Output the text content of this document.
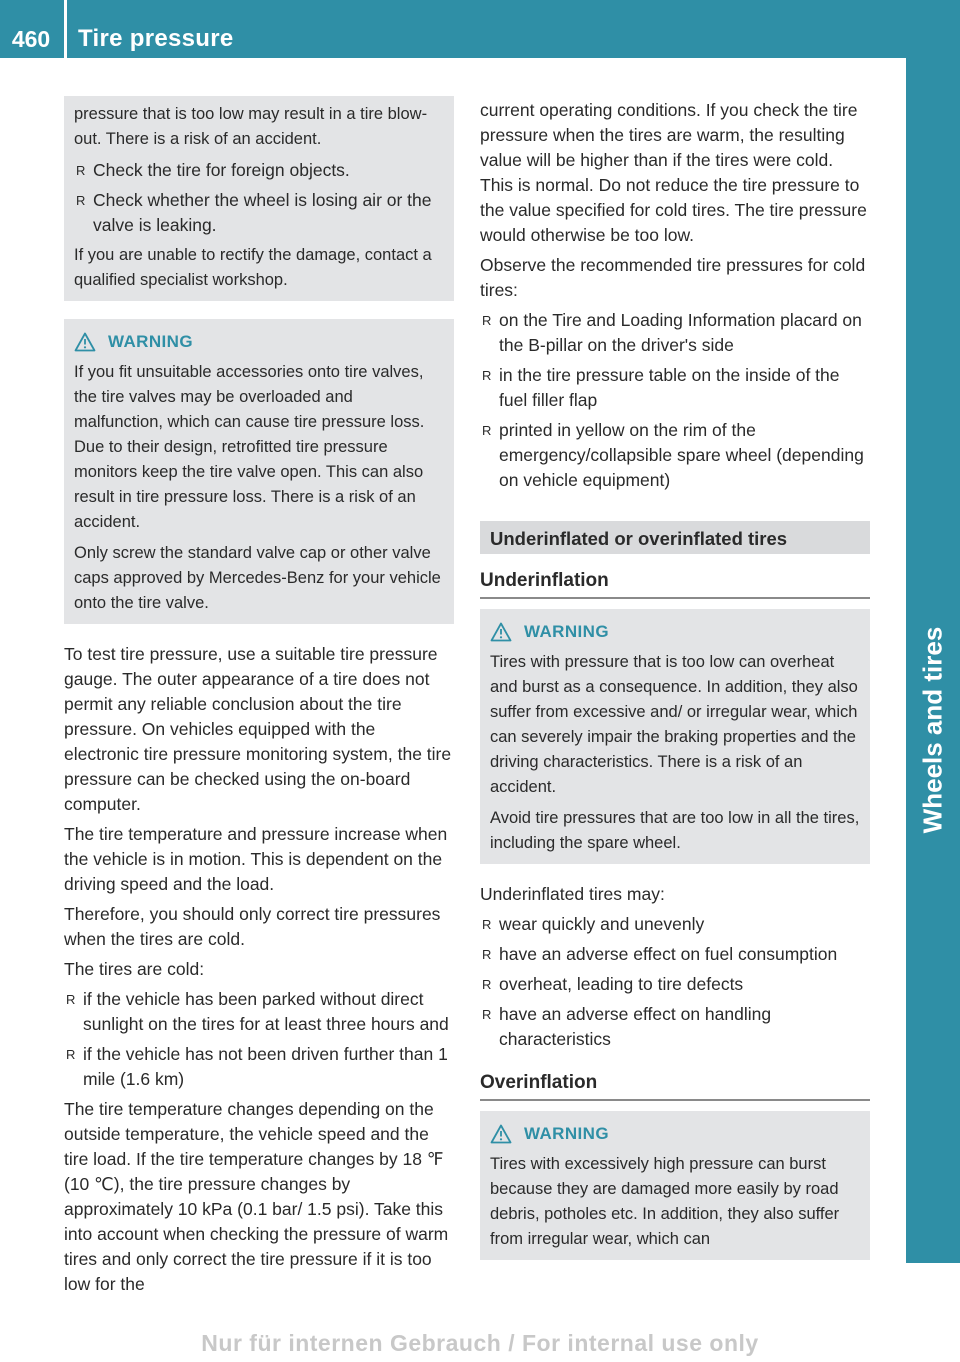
460	Tire pressure
Wheels and tires

pressure that is too low may result in a tire blow-out. There is a risk of an accident.

R Check the tire for foreign objects.
R Check whether the wheel is losing air or the valve is leaking.

If you are unable to rectify the damage, contact a qualified specialist workshop.

WARNING

If you fit unsuitable accessories onto tire valves, the tire valves may be overloaded and malfunction, which can cause tire pressure loss. Due to their design, retrofitted tire pressure monitors keep the tire valve open. This can also result in tire pressure loss. There is a risk of an accident.

Only screw the standard valve cap or other valve caps approved by Mercedes-Benz for your vehicle onto the tire valve.

To test tire pressure, use a suitable tire pressure gauge. The outer appearance of a tire does not permit any reliable conclusion about the tire pressure. On vehicles equipped with the electronic tire pressure monitoring system, the tire pressure can be checked using the on-board computer.

The tire temperature and pressure increase when the vehicle is in motion. This is dependent on the driving speed and the load.

Therefore, you should only correct tire pressures when the tires are cold.

The tires are cold:

R if the vehicle has been parked without direct sunlight on the tires for at least three hours and
R if the vehicle has not been driven further than 1 mile (1.6 km)

The tire temperature changes depending on the outside temperature, the vehicle speed and the tire load. If the tire temperature changes by 18 ℉ (10 ℃), the tire pressure changes by approximately 10 kPa (0.1 bar/ 1.5 psi). Take this into account when checking the pressure of warm tires and only correct the tire pressure if it is too low for the

current operating conditions. If you check the tire pressure when the tires are warm, the resulting value will be higher than if the tires were cold. This is normal. Do not reduce the tire pressure to the value specified for cold tires. The tire pressure would otherwise be too low.

Observe the recommended tire pressures for cold tires:

R on the Tire and Loading Information placard on the B-pillar on the driver's side
R in the tire pressure table on the inside of the fuel filler flap
R printed in yellow on the rim of the emergency/collapsible spare wheel (depending on vehicle equipment)
Underinflated or overinflated tires
Underinflation
WARNING

Tires with pressure that is too low can overheat and burst as a consequence. In addition, they also suffer from excessive and/ or irregular wear, which can severely impair the braking properties and the driving characteristics. There is a risk of an accident.

Avoid tire pressures that are too low in all the tires, including the spare wheel.

Underinflated tires may:

R wear quickly and unevenly
R have an adverse effect on fuel consumption
R overheat, leading to tire defects
R have an adverse effect on handling characteristics
Overinflation
WARNING

Tires with excessively high pressure can burst because they are damaged more easily by road debris, potholes etc. In addition, they also suffer from irregular wear, which can

Nur für internen Gebrauch / For internal use only
